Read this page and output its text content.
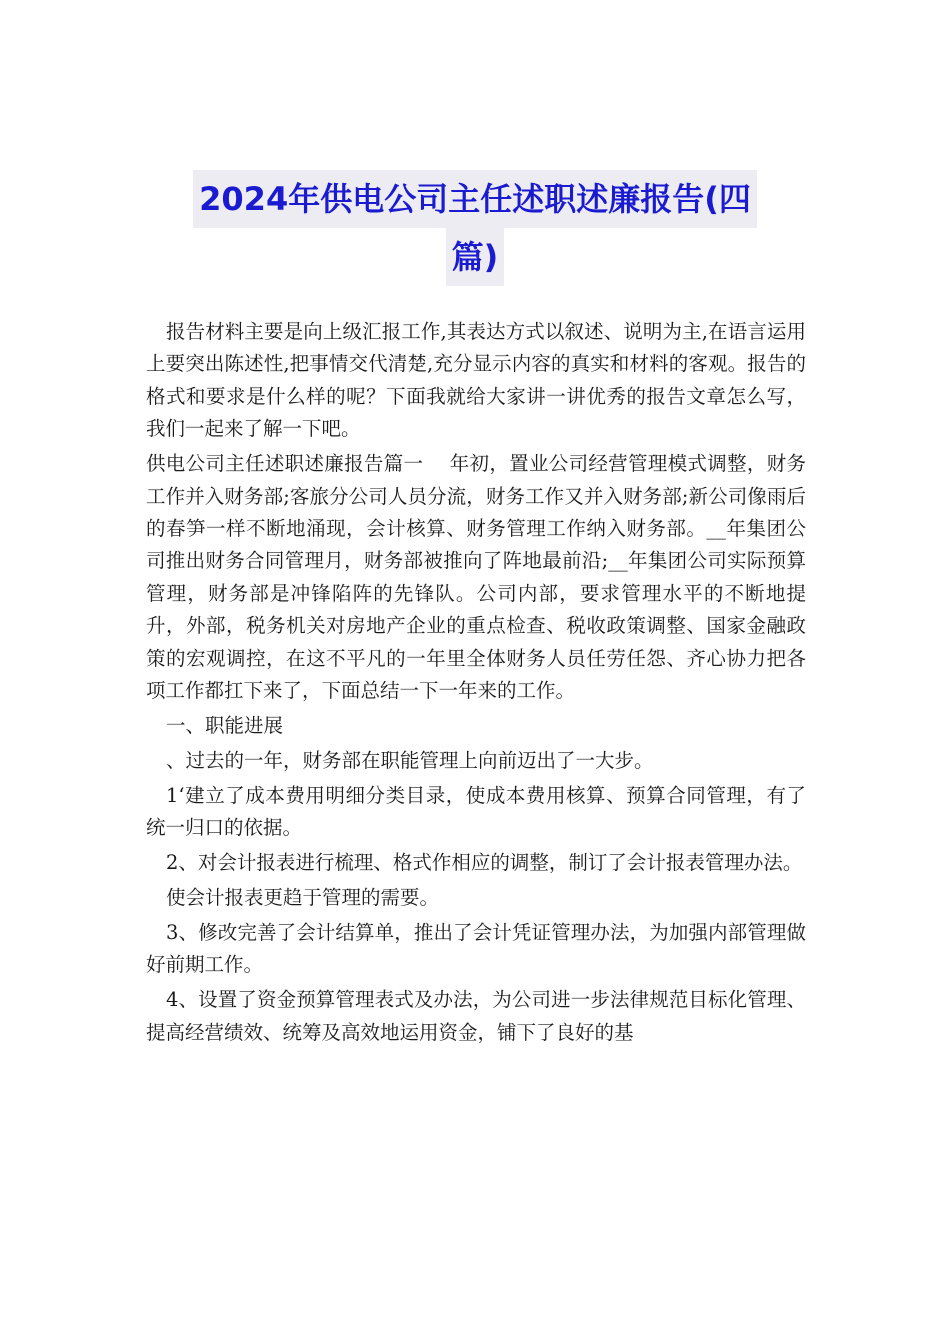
2024年供电公司主任述职述廉报告(四
篇)

报告材料主要是向上级汇报工作,其表达方式以叙述、说明为主,在语言运用上要突出陈述性,把事情交代清楚,充分显示内容的真实和材料的客观。报告的格式和要求是什么样的呢？下面我就给大家讲一讲优秀的报告文章怎么写，我们一起来了解一下吧。

供电公司主任述职述廉报告篇一　 年初，置业公司经营管理模式调整，财务工作并入财务部;客旅分公司人员分流，财务工作又并入财务部;新公司像雨后的春笋一样不断地涌现，会计核算、财务管理工作纳入财务部。__年集团公司推出财务合同管理月，财务部被推向了阵地最前沿;__年集团公司实际预算管理，财务部是冲锋陷阵的先锋队。公司内部，要求管理水平的不断地提升，外部，税务机关对房地产企业的重点检查、税收政策调整、国家金融政策的宏观调控，在这不平凡的一年里全体财务人员任劳任怨、齐心协力把各项工作都扛下来了，下面总结一下一年来的工作。

一、职能进展

、过去的一年，财务部在职能管理上向前迈出了一大步。

1‘建立了成本费用明细分类目录，使成本费用核算、预算合同管理，有了统一归口的依据。

2、对会计报表进行梳理、格式作相应的调整，制订了会计报表管理办法。

使会计报表更趋于管理的需要。

3、修改完善了会计结算单，推出了会计凭证管理办法，为加强内部管理做好前期工作。

4、设置了资金预算管理表式及办法，为公司进一步法律规范目标化管理、提高经营绩效、统筹及高效地运用资金，铺下了良好的基
